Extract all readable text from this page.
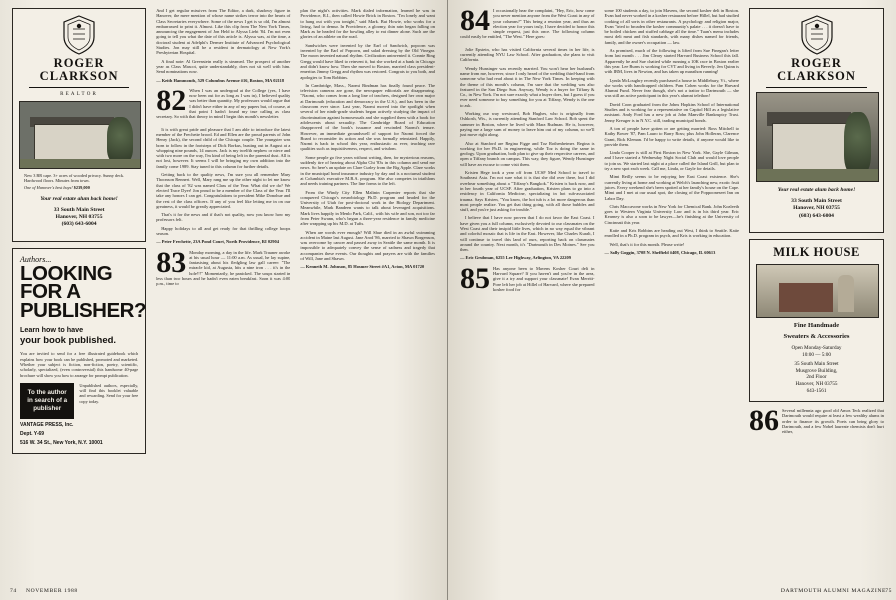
ROGER
CLARKSON
REALTOR
New 3 BR cape. 3+ acres of wooded privacy. Sunny deck. Hardwood floors. Minutes from town.
One of Hanover's best buys! $239,000
Your real estate alum back home!
33 South Main Street
Hanover, NH 03755
(603) 643-6004
Authors...
LOOKING
FOR A
PUBLISHER?
Learn how to have
your book published.
You are invited to send for a free illustrated guidebook which explains how your book can be published, promoted and marketed. Whether your subject is fiction, non-fiction, poetry, scientific, scholarly, specialized, (even controversial) this handsome 40-page brochure will show you how to arrange for prompt publication.
To the author in search of a publisher
Unpublished authors, especially, will find this booklet valuable and rewarding. Send for your free copy today.
VANTAGE PRESS, Inc.
Dept. Y-69
516 W. 34 St., New York, N.Y. 10001

And I get regular missives from The Editor, a dark, shadowy figure in Hanover, the mere mention of whose name strikes terror into the hearts of Class Secretaries everywhere. Some of the news I get is so old, I'm almost embarrassed to print it. Almost. Like this clip from The New York Times, announcing the engagement of Jon Held to Alyssa Liebt '84. I'm not even going to tell you what the date of this article is. Alyssa was, at the time, a doctoral student at Adelphi's Dermer Institute of Advanced Psychological Studies. Jon may still be a resident in dermatology at New York's Presbyterian Hospital.

A final note: Al Greenstein really is steamed. The prospect of another year as Class Mascot, quite understandably, does not sit well with him. Send nominations now.

— Keith Hammonds, 529 Columbus Avenue #16, Boston, MA 02118

82 When I was an undergrad at the College (yes, I have now been out for as long as I was in), I believed quality was better than quantity. My professors would argue that I didn't have either in any of my papers but, of course, at that point I hadn't found my true calling as class secretary. So with that theory in mind I begin this month's newsletter.

It is with great pride and pleasure that I am able to introduce the latest member of the Frechette brood. Ed and Ellen are the proud parents of John Henry (Jack), the second child of the Chicago couple. The youngster was born to follow in the footsteps of Dick Borkus, busting out in August at a whopping nine pounds, 14 ounces. Jack is my twelfth nephew or niece and with two more on the way, I'm kind of being left in the parental dust. All is not lost, however. It seems I will be bringing my own addition into the family come 1989. Stay tuned to this column for further details.

Getting back to the quality news, I'm sure you all remember Mary Thoonson Rennert. Well, Mary rang me up the other night to let me know that the class of '82 was named Class of the Year. What did we do? We elected Trace Dyer! Jon proud to be a member of the Class of the Year. I'll take any honors I can get. Congratulations to president Mike Donohue and the rest of the class officers. If any of you feel like letting me in on our greatness, it would be greatly appreciated.

That's it for the news and if that's not quality, now you know how my professors felt.

Happy holidays to all and get ready for that thrilling college hoops season.

— Peter Frechette, 23A Pond Court, North Providence, RI 02904

83 Monday morning, a day in the life. Mark Trauner awoke at his usual hour — 11:00 a.m. As usual, he lay supine, fantasising about his fledgling law gall career: "The miracle kid, at Augusta, hits a nine iron . . . it's in the hole!!!" Momentarily, he panicked. The soups started in less than two hours and he hadn't even eaten breakfast. Soon it was 4:00 p.m., time to

plan the night's activities. Mark dialed information, learned he was in Providence, R.I., then called Howie Brick in Boston. "I'm lonely and want to hang out with you tonight," said Mark. But Howie, who works for a living, had to demur. In Providence, a gloomy, thin rain began falling on Mark as he headed for the bowling alley to eat dinner alone. Such are the glories of an athlete on the road.

Sandwiches were invented by the Earl of Sandwich, popcorn was invented by the Earl of Popcorn, and salad dressing by the Old Vinegar. The moon invented natural rhythm. Civilization uninvented it. Connie Ring Gregg would have liked to reinvent it, but she worked at a bank in Chicago and didn't know how. Then she moved to Boston, married class president-emeritus Jimmy Gregg and rhythm was restored. Congrats to you both, and apologies to Tom Robbins.

In Cambridge, Mass., Naomi Bindman has finally found peace. The television cameras are gone, the newspaper editorials are disappearing. "Naomi, who comes from a long line of teachers, designed her own major at Dartmouth (education and democracy in the U.S.), and has been in the classroom ever since. Last year, Naomi moved into the spotlight when several of her ninth-grade students began actively studying the impact of discrimination against homosexuals and she supplied them with a book for adolescents about sexuality. The Cambridge Board of Education disapproved of the book's issuance and rescinded Naomi's tenure. However, an immediate groundswell of support for Naomi forced the Board to reconsider its action and she was formally reinstated. Happily, Naomi is back in school this year, enthusiastic as ever, teaching rare qualities such as inquisitiveness, respect, and wisdom.

Some people go five years without writing, then, for mysterious reasons, suddenly tire of hearing about Alpha Chi '83s in this column and send me news. So here's an update on Clare Curley from the Big Apple. Clare works in the municipal bond insurance industry by day and is a nocturnal student at Columbia's executive M.B.A. program. She also competes in triathlons and needs training partners. The line forms to the left.

From the Windy City Ellen Malinin Carpenter reports that she conquered Chicago's neurobiology Ph.D. program and headed for the University of Utah for post-doctoral work in the Biology Department. Meanwhile, Mark Bandeen wants to talk about leveraged acquisitions. Mark lives happily in Menlo Park, Calif., with his wife and son, not too far from Peter Swann, who's begun a three-year residence in family medicine after wrapping up his M.D. at Tufts.

When are words ever enough? Will Shue died in an awful swimming accident in Maine last August. Jane Arod '86, married to Shawn Borgenson, was overcome by cancer and passed away in Seattle the same month. It is impossible to adequately convey the sense of sadness and tragedy that accompanies these events. Our thoughts and prayers are with the families of Will, Jane and Shawn.

— Kenneth M. Johnson, 85 Hosmer Street #A1, Acton, MA 01720

74 NOVEMBER 1988
84 I occasionally hear the complaint, "Hey, Eric, how come you never mention anyone from the West Coast in any of your columns?" This being a reunion year, and thus an election year for yours truly, I have decided to honor this simple request, just this once. The following column could easily be entitled, "The West." Here goes:

Jolie Epstein, who has visited California several times in her life, is currently attending NYU Law School. After graduation, she plans to visit California.

Wendy Hunsinger was recently married. You won't hear her husband's name from me, however, since I only heard of the wedding third-hand from someone who had read about it in The New York Times. In keeping with the theme of this month's column, I'm sure that the wedding was also featured in the San Diego Sun. Anyway, Wendy is a buyer for Tiffany & Co., in New York. I'm not sure exactly what a buyer does, but I guess if you ever need someone to buy something for you at Tiffany, Wendy is the one to ask.

Working our way westward, Bob Hughes, who is originally from Oshkosh, Wis., is currently attending Stanford Law School. Bob spent the summer in Boston, where he lived with Mara Rudman. He is, however, paying me a large sum of money to leave him out of my column, so we'll just move right along.

Also at Stanford are Regina Figge and Toz Rothenheimer. Regina is working for her Ph.D. in engineering, while Toz is doing the same in geology. Upon graduation, both plan to give up their respective careers, and open a Tiffany branch on campus. This way, they figure, Wendy Hunsinger will have an excuse to come visit them.

Kristen Hege took a year off from UCSF Med School to travel to Southeast Asia. I'm not sure what it is that she did over there, but I did overhear something about a "Tiffany's Bangkok." Kristen is back now, and in her fourth year of UCSF. After graduation, Kristen plans to go into a residency in California Medicine, specializing in hot sub-associated trauma. Says Kristen, "You know, the hot tub is a lot more dangerous than most people realize. You get that thing going, with all those bubbles and stuff, and you're just asking for trouble."

I believe that I have now proven that I do not favor the East Coast. I have given you a full column, exclusively devoted to our classmates on the West Coast and their insipid little lives, which in no way equal the vibrant and colorful mosaic that is life in the East. However, like Charles Kuralt, I will continue to travel this land of ours, reporting back on classmates around the country. Next month, it's "Dartmouth in Des Moines." See you then.

— Eric Grubman, 6255 Lee Highway, Arlington, VA 22209

85 Has anyone been to Mavens Kosher Court deli in Harvard Square? If you haven't and you're in the area, give it a try and support your classmate! Evan Merritt-Pore left her job at Hillel of Harvard, where she prepared kosher food for

some 100 students a day, to join Mavens, the second kosher deli in Boston. Evan had never worked in a kosher restaurant before Hillel, but had studied cooking of all sorts in other restaurants. A psychology and religion major, Evan "tried to broaden the kosher community's palate . . . it doesn't have to be boiled chicken and stuffed cabbage all the time." Tuan's menu includes most deli meat and fish standards, with many dishes named for friends, family, and the owner's occupation — law.

As promised, much of the following is lifted from Sue Finegan's letter from last month . . . Jim Cleary started Harvard Business School this fall. Apparently he and Sue chatted while running a 10K race in Boston earlier this year. Lee Burns is working for CVT and living in Beverly. Jen Quinn is with IBM, lives in Newton, and has taken up marathon running!

Lynda McLoughry recently purchased a house in Middlebury, Vt., where she works with handicapped children. Pam Cohen works for the Harvard Alumni Fund. Never fear though, she's not a traitor to Dartmouth — she was still an active participant in this year's alumni telethon!

David Coon graduated from the Johns Hopkins School of International Studies and is working for a representative on Capitol Hill as a legislative assistant. Andy Ford has a new job at John Manville Bankruptcy Trust. Jenny Kreuger is in N.Y.C. still, trading municipal bonds.

A ton of people have gotten or are getting married: Ross Mitchell to Kathy Bower '87, Pam Lauro to Barry Ross; plus John Holleran, Clarence Grant, Rick Kleman. I'd be happy to write details, if anyone would like to provide them.

Linda Cooper is still at First Boston in New York. She, Gayle Gilman, and I have started a Wednesday Night Social Club and would love people to join us. We started last night at a place called the Island Grill, but plan to try a new spot each week. Call me, Linda, or Gayle for details.

Mimi Reilly seems to be enjoying her East Coast existence. She's currently living at home and working at Welch's launching new, exotic fruit juices. Every weekend she's been spotted at her family's house on the Cape. Mimi and I met at our usual spot, the closing of the Poppooneseet Inn on Labor Day.

Chris Maccavone works in New York for Chemical Bank. John Kozleeth goes to Western Virginia University Law and is in his third year. Eric Kearney is also a soon to be lawyer—he's finishing at the University of Cincinnati this year.

Katie and Kris Robbins are heading out West, I think to Seattle. Katie enrolled in a Ph.D. program in psych, and Kris is working in education.

Well, that's it for this month. Please write!

— Sally Goggin, 3708 N. Sheffield #408, Chicago, IL 60613

ROGER
CLARKSON
Your real estate alum back home!
33 South Main Street
Hanover, NH 03755
(603) 643-6004
MILK HOUSE
Fine Handmade
Sweaters & Accessories
Open Monday-Saturday
10:00 — 5:00
35 South Main Street
Musgrove Building,
2nd Floor
Hanover, NH 03755
643-1561
86 Several millennia ago good old Amos Teck realized that Dartmouth would require at least a few wealthy alums in order to finance its growth. Poets can bring glory to Dartmouth, and a few Nobel laureate chemists don't hurt either,

DARTMOUTH ALUMNI MAGAZINE 75
